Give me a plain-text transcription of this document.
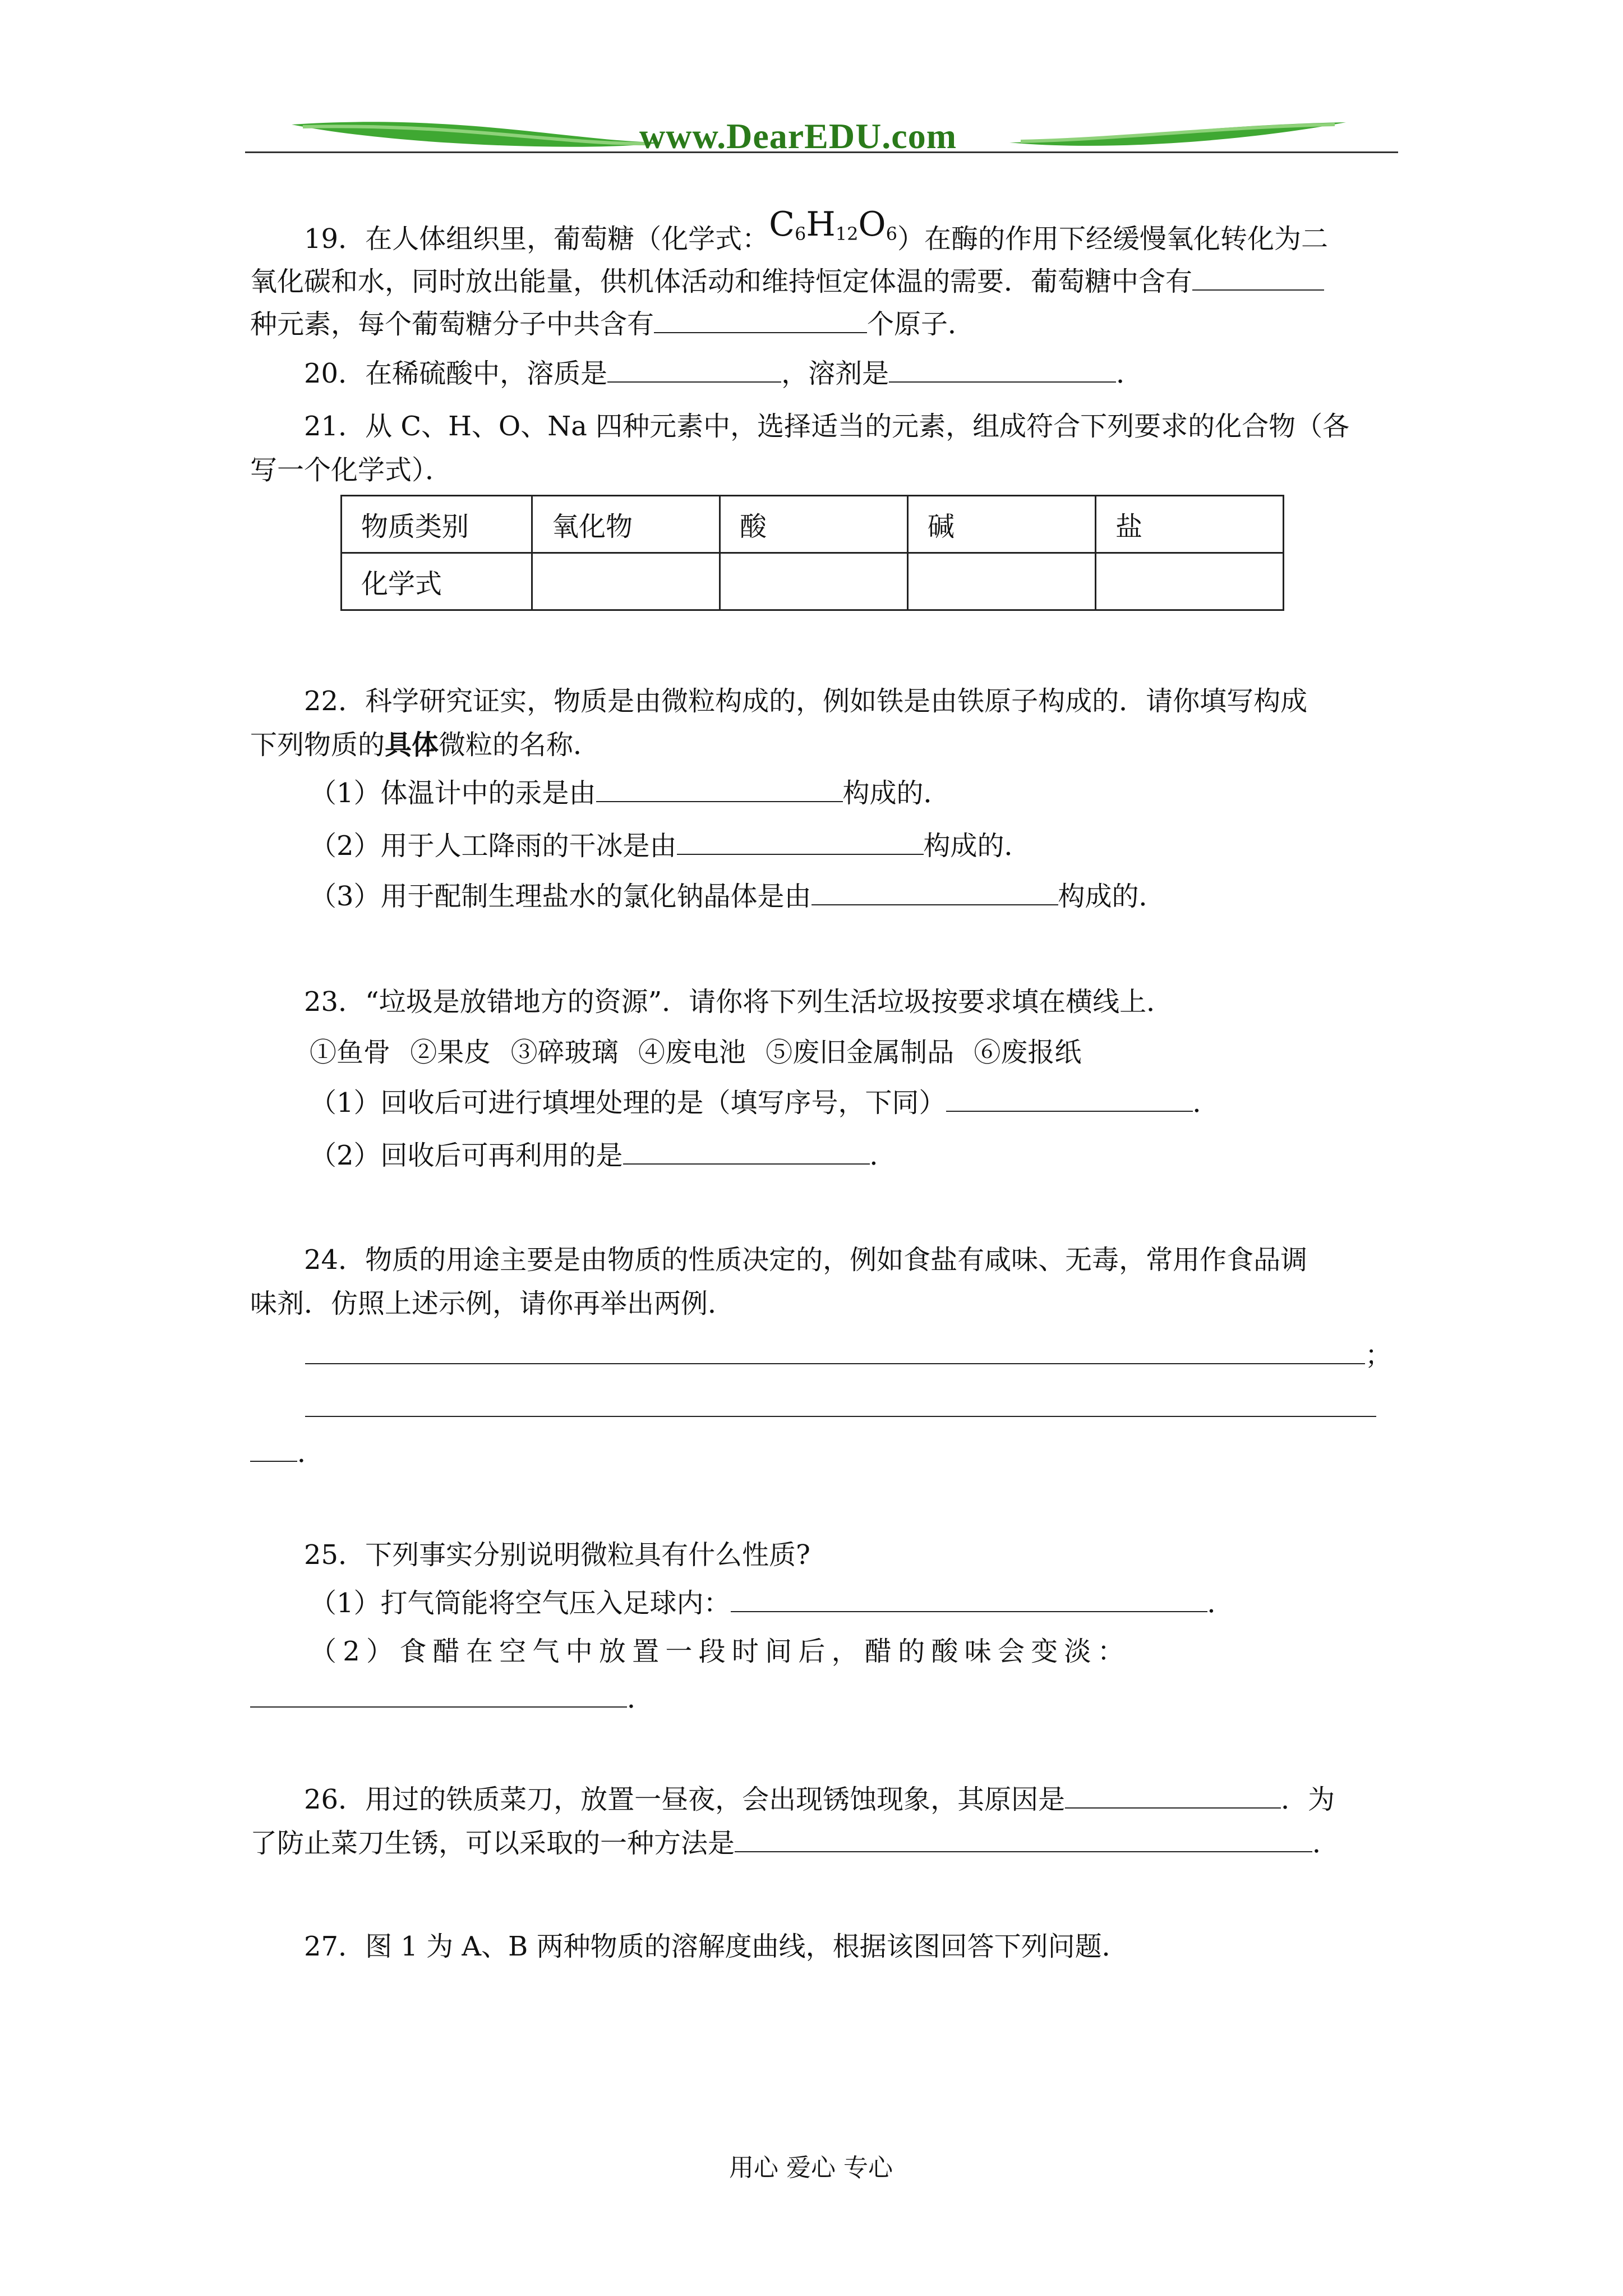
www.DearEDU.com
19．在人体组织里，葡萄糖（化学式：$C_6H_{12}O_6$）在酶的作用下经缓慢氧化转化为二
氧化碳和水，同时放出能量，供机体活动和维持恒定体温的需要．葡萄糖中含有
种元素，每个葡萄糖分子中共含有	个原子．
20．在稀硫酸中，溶质是	，溶剂是	．
21．从 C、H、O、Na 四种元素中，选择适当的元素，组成符合下列要求的化合物（各
写一个化学式）．
物质类别	氧化物	酸	碱	盐
化学式				
22．科学研究证实，物质是由微粒构成的，例如铁是由铁原子构成的．请你填写构成
下列物质的具体微粒的名称．
（1）体温计中的汞是由	构成的．
（2）用于人工降雨的干冰是由	构成的．
（3）用于配制生理盐水的氯化钠晶体是由	构成的．
23．“垃圾是放错地方的资源”．请你将下列生活垃圾按要求填在横线上．
①鱼骨 ②果皮 ③碎玻璃 ④废电池 ⑤废旧金属制品 ⑥废报纸
（1）回收后可进行填埋处理的是（填写序号，下同）	．
（2）回收后可再利用的是	．
24．物质的用途主要是由物质的性质决定的，例如食盐有咸味、无毒，常用作食品调
味剂．仿照上述示例，请你再举出两例．
；
．
25．下列事实分别说明微粒具有什么性质?
（1）打气筒能将空气压入足球内：	．
（ 2 ） 食 醋 在 空 气 中 放 置 一 段 时 间 后 ， 醋 的 酸 味 会 变 淡 ：
．
26．用过的铁质菜刀，放置一昼夜，会出现锈蚀现象，其原因是	．为
了防止菜刀生锈，可以采取的一种方法是	．
27．图 1 为 A、B 两种物质的溶解度曲线，根据该图回答下列问题．
用心 爱心 专心
